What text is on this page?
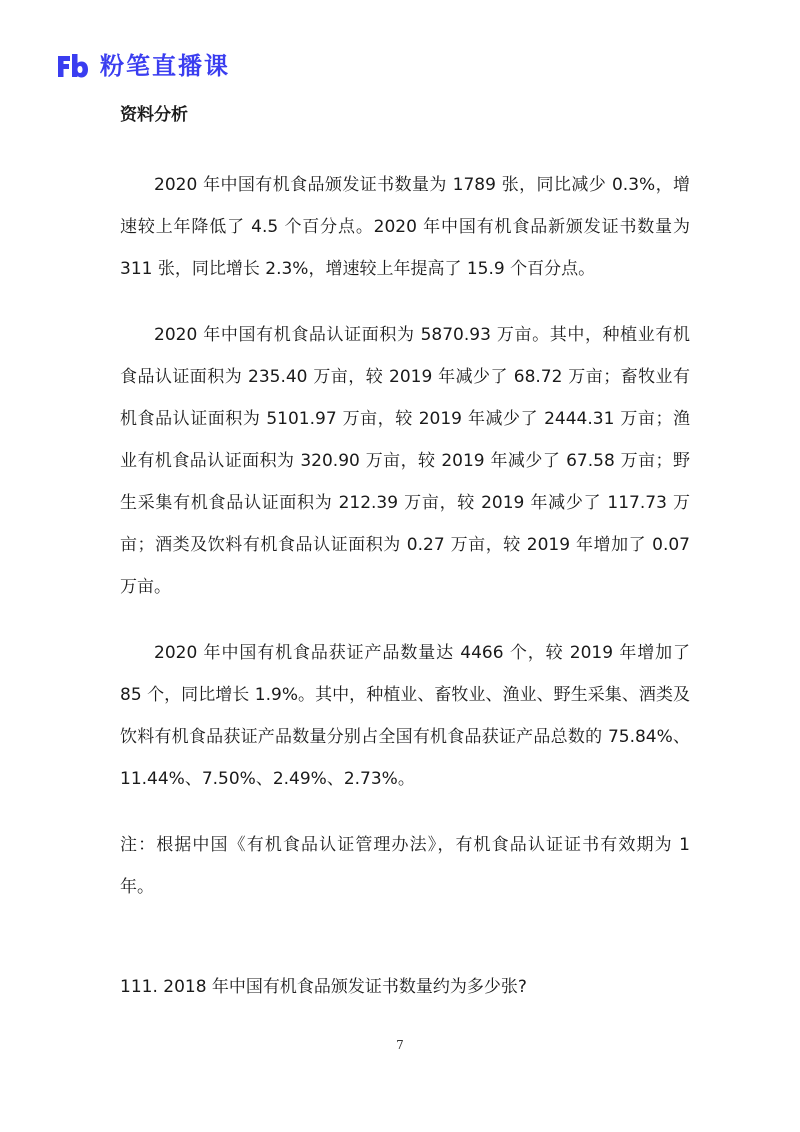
粉笔直播课
资料分析

2020 年中国有机食品颁发证书数量为 1789 张，同比减少 0.3%，增速较上年降低了 4.5 个百分点。2020 年中国有机食品新颁发证书数量为 311 张，同比增长 2.3%，增速较上年提高了 15.9 个百分点。

2020 年中国有机食品认证面积为 5870.93 万亩。其中，种植业有机食品认证面积为 235.40 万亩，较 2019 年减少了 68.72 万亩；畜牧业有机食品认证面积为 5101.97 万亩，较 2019 年减少了 2444.31 万亩；渔业有机食品认证面积为 320.90 万亩，较 2019 年减少了 67.58 万亩；野生采集有机食品认证面积为 212.39 万亩，较 2019 年减少了 117.73 万亩；酒类及饮料有机食品认证面积为 0.27 万亩，较 2019 年增加了 0.07 万亩。

2020 年中国有机食品获证产品数量达 4466 个，较 2019 年增加了 85 个，同比增长 1.9%。其中，种植业、畜牧业、渔业、野生采集、酒类及饮料有机食品获证产品数量分别占全国有机食品获证产品总数的 75.84%、11.44%、7.50%、2.49%、2.73%。

注：根据中国《有机食品认证管理办法》，有机食品认证证书有效期为 1 年。

111. 2018 年中国有机食品颁发证书数量约为多少张?
7
